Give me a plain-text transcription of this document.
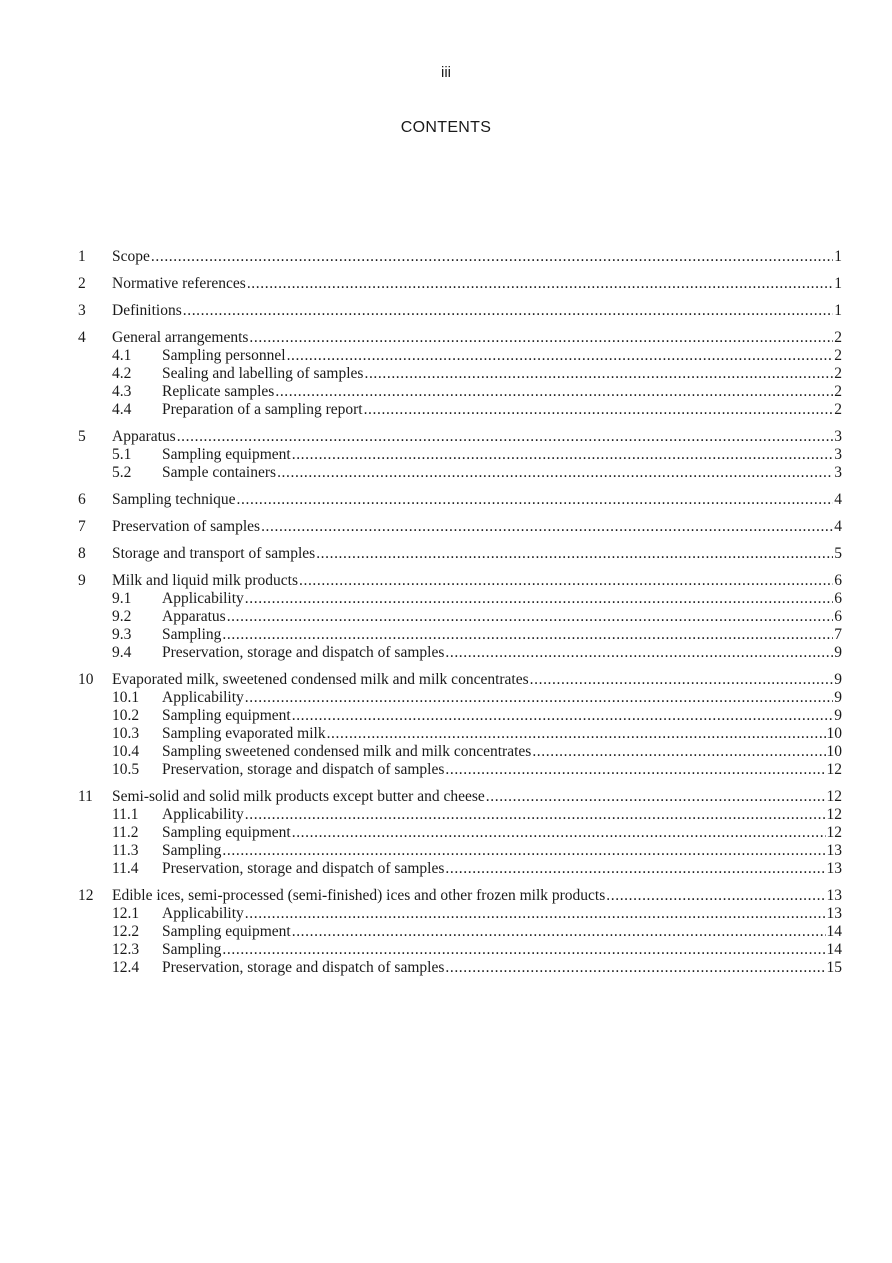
iii
CONTENTS
1	Scope .....	1
2	Normative references .....	1
3	Definitions .....	1
4	General arrangements .....	2
4.1	Sampling personnel .....	2
4.2	Sealing and labelling of samples .....	2
4.3	Replicate samples .....	2
4.4	Preparation of a sampling report .....	2
5	Apparatus .....	3
5.1	Sampling equipment .....	3
5.2	Sample containers .....	3
6	Sampling technique .....	4
7	Preservation of samples .....	4
8	Storage and transport of samples .....	5
9	Milk and liquid milk products .....	6
9.1	Applicability .....	6
9.2	Apparatus .....	6
9.3	Sampling .....	7
9.4	Preservation, storage and dispatch of samples .....	9
10	Evaporated milk, sweetened condensed milk and milk concentrates .....	9
10.1	Applicability .....	9
10.2	Sampling equipment .....	9
10.3	Sampling evaporated milk .....	10
10.4	Sampling sweetened condensed milk and milk concentrates .....	10
10.5	Preservation, storage and dispatch of samples .....	12
11	Semi-solid and solid milk products except butter and cheese .....	12
11.1	Applicability .....	12
11.2	Sampling equipment .....	12
11.3	Sampling .....	13
11.4	Preservation, storage and dispatch of samples .....	13
12	Edible ices, semi-processed (semi-finished) ices and other frozen milk products .....	13
12.1	Applicability .....	13
12.2	Sampling equipment .....	14
12.3	Sampling .....	14
12.4	Preservation, storage and dispatch of samples .....	15
